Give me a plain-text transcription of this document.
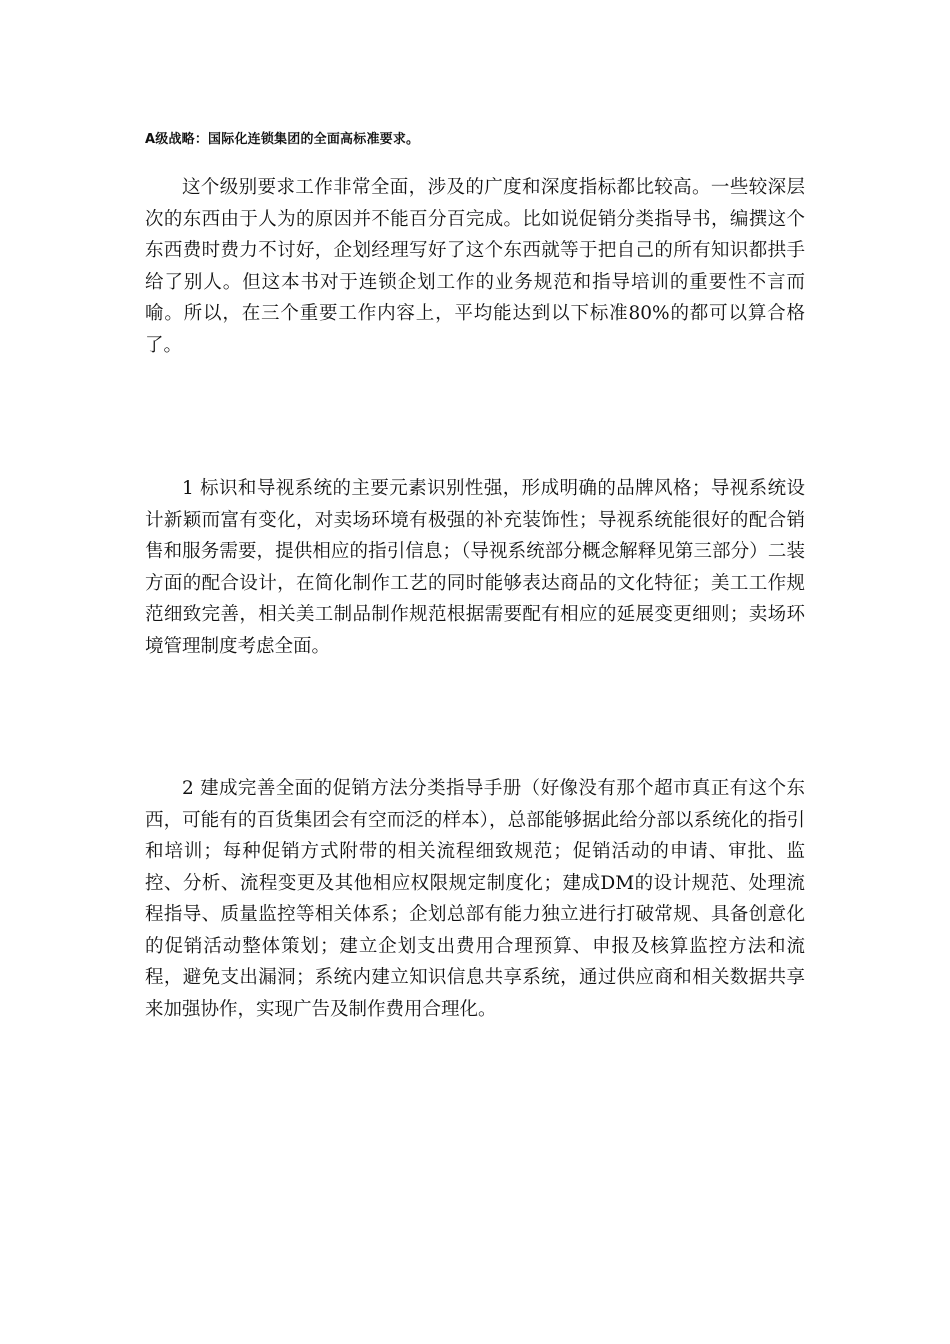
A级战略：国际化连锁集团的全面高标准要求。

这个级别要求工作非常全面，涉及的广度和深度指标都比较高。一些较深层次的东西由于人为的原因并不能百分百完成。比如说促销分类指导书，编撰这个东西费时费力不讨好，企划经理写好了这个东西就等于把自己的所有知识都拱手给了别人。但这本书对于连锁企划工作的业务规范和指导培训的重要性不言而喻。所以，在三个重要工作内容上，平均能达到以下标准80%的都可以算合格了。

1 标识和导视系统的主要元素识别性强，形成明确的品牌风格；导视系统设计新颖而富有变化，对卖场环境有极强的补充装饰性；导视系统能很好的配合销售和服务需要，提供相应的指引信息；（导视系统部分概念解释见第三部分）二装方面的配合设计，在简化制作工艺的同时能够表达商品的文化特征；美工工作规范细致完善，相关美工制品制作规范根据需要配有相应的延展变更细则；卖场环境管理制度考虑全面。

2 建成完善全面的促销方法分类指导手册（好像没有那个超市真正有这个东西，可能有的百货集团会有空而泛的样本），总部能够据此给分部以系统化的指引和培训；每种促销方式附带的相关流程细致规范；促销活动的申请、审批、监控、分析、流程变更及其他相应权限规定制度化；建成DM的设计规范、处理流程指导、质量监控等相关体系；企划总部有能力独立进行打破常规、具备创意化的促销活动整体策划；建立企划支出费用合理预算、申报及核算监控方法和流程，避免支出漏洞；系统内建立知识信息共享系统，通过供应商和相关数据共享来加强协作，实现广告及制作费用合理化。
